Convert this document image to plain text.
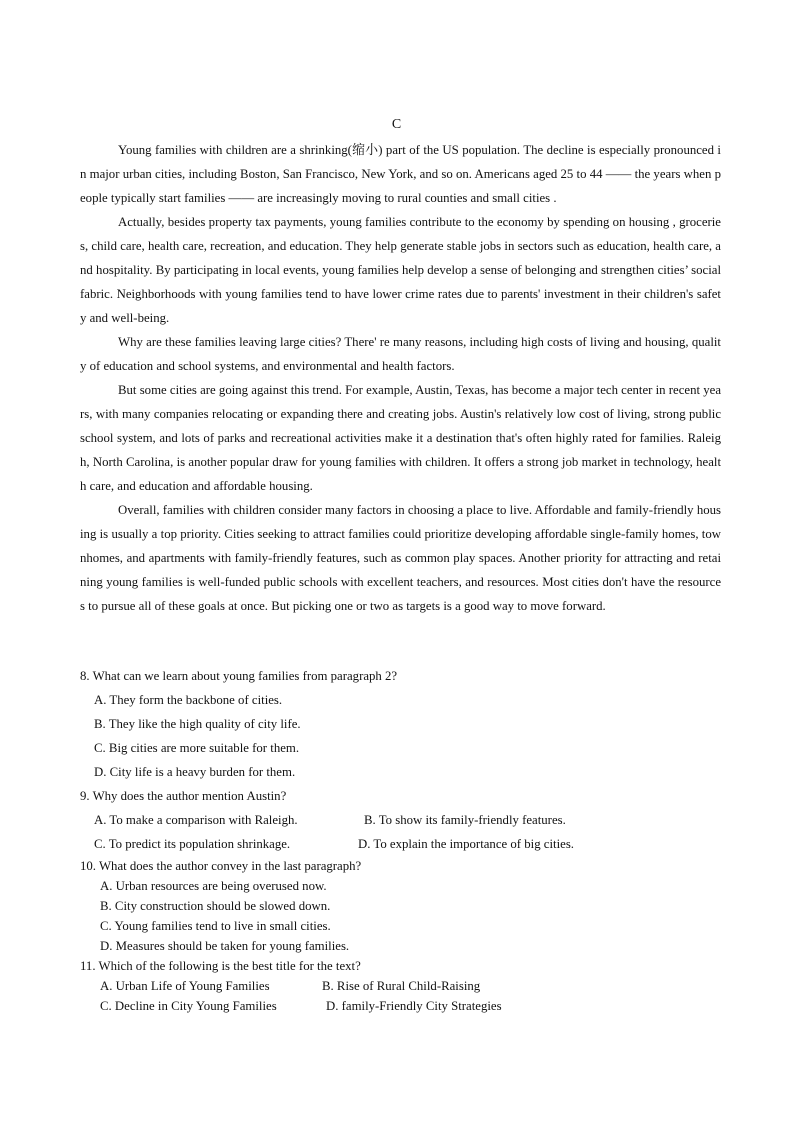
C

Young families with children are a shrinking(缩小) part of the US population. The decline is especially pronounced in major urban cities, including Boston, San Francisco, New York, and so on. Americans aged 25 to 44 —— the years when people typically start families —— are increasingly moving to rural counties and small cities .

Actually, besides property tax payments, young families contribute to the economy by spending on housing , groceries, child care, health care, recreation, and education. They help generate stable jobs in sectors such as education, health care, and hospitality. By participating in local events, young families help develop a sense of belonging and strengthen cities’ social fabric. Neighborhoods with young families tend to have lower crime rates due to parents' investment in their children's safety and well-being.

Why are these families leaving large cities? There' re many reasons, including high costs of living and housing, quality of education and school systems, and environmental and health factors.

But some cities are going against this trend. For example, Austin, Texas, has become a major tech center in recent years, with many companies relocating or expanding there and creating jobs. Austin's relatively low cost of living, strong public school system, and lots of parks and recreational activities make it a destination that's often highly rated for families. Raleigh, North Carolina, is another popular draw for young families with children. It offers a strong job market in technology, health care, and education and affordable housing.

Overall, families with children consider many factors in choosing a place to live. Affordable and family-friendly housing is usually a top priority. Cities seeking to attract families could prioritize developing affordable single-family homes, townhomes, and apartments with family-friendly features, such as common play spaces. Another priority for attracting and retaining young families is well-funded public schools with excellent teachers, and resources. Most cities don't have the resources to pursue all of these goals at once. But picking one or two as targets is a good way to move forward.

8. What can we learn about young families from paragraph 2?
A. They form the backbone of cities.
B. They like the high quality of city life.
C. Big cities are more suitable for them.
D. City life is a heavy burden for them.
9. Why does the author mention Austin?
A. To make a comparison with Raleigh.	B. To show its family-friendly features.
C. To predict its population shrinkage.	D. To explain the importance of big cities.
10. What does the author convey in the last paragraph?
A. Urban resources are being overused now.
B. City construction should be slowed down.
C. Young families tend to live in small cities.
D. Measures should be taken for young families.
11. Which of the following is the best title for the text?
A. Urban Life of Young Families	B. Rise of Rural Child-Raising
C. Decline in City Young Families	D. family-Friendly City Strategies
